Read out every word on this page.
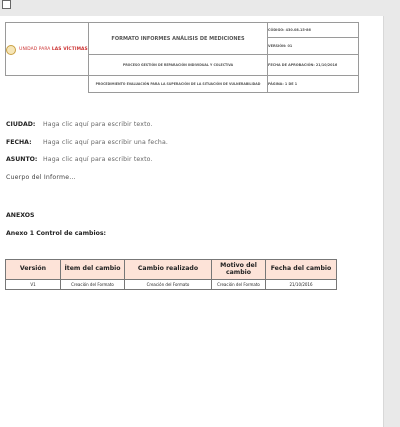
UNIDAD PARA LAS VÍCTIMAS	FORMATO INFORMES ANÁLISIS DE MEDICIONES	CÓDIGO: 430.08.15-86
		VERSIÓN: 01
	PROCESO GESTIÓN DE REPARACIÓN INDIVIDUAL Y COLECTIVA	FECHA DE APROBACIÓN: 21/10/2016
	PROCEDIMIENTO EVALUACIÓN PARA LA SUPERACIÓN DE LA SITUACIÓN DE VULNERABILIDAD	PÁGINA: 1 DE 1
CIUDAD: Haga clic aquí para escribir texto.
FECHA: Haga clic aquí para escribir una fecha.
ASUNTO: Haga clic aquí para escribir texto.
Cuerpo del Informe…
ANEXOS
Anexo 1 Control de cambios:
Versión	Ítem del cambio	Cambio realizado	Motivo del cambio	Fecha del cambio
V1	Creación del Formato	Creación del Formato	Creación del Formato	21/10/2016
